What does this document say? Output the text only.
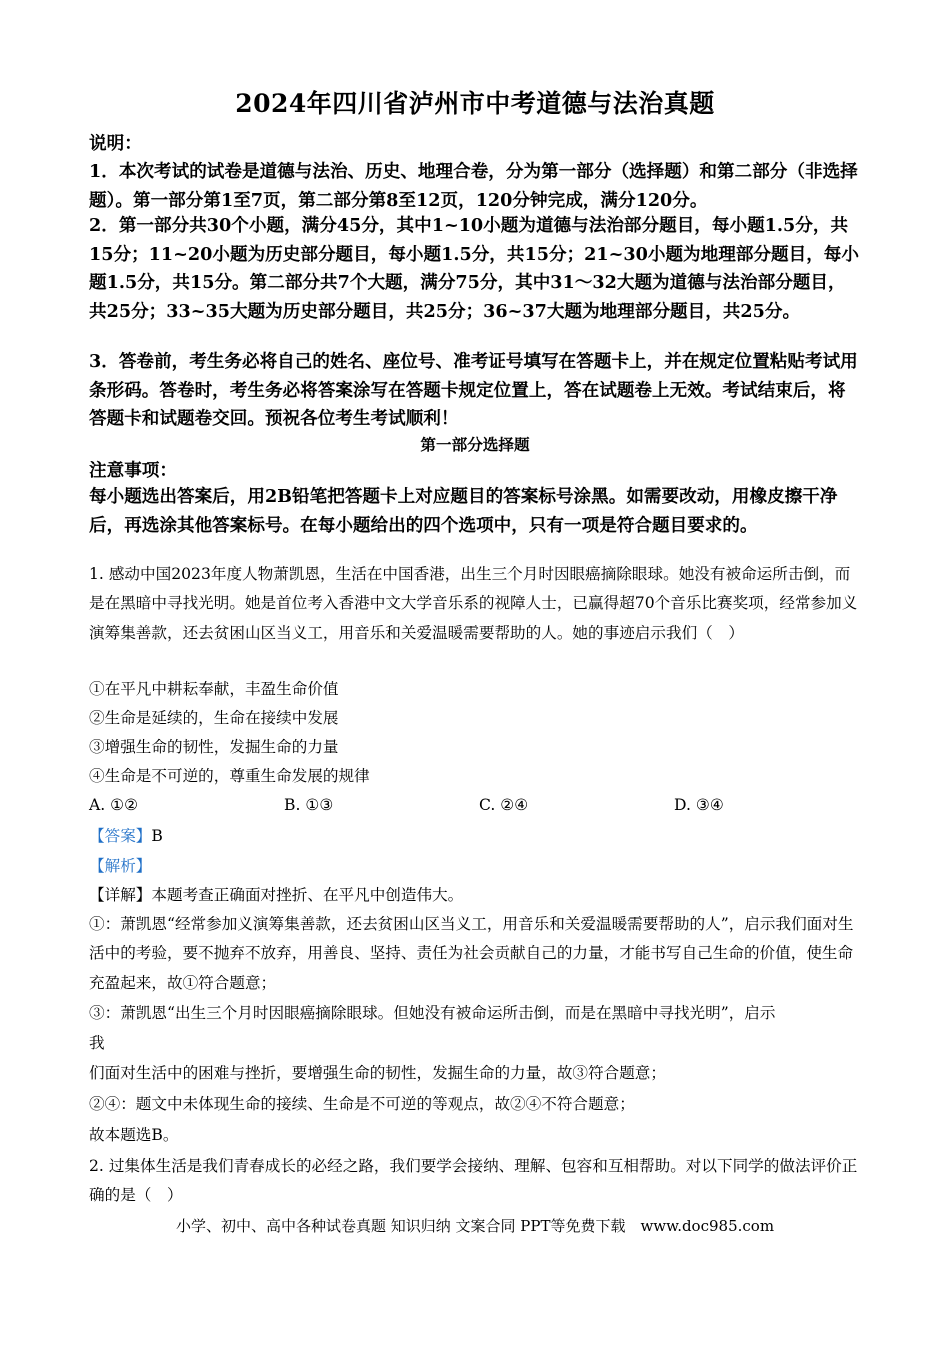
2024年四川省泸州市中考道德与法治真题
说明：
1．本次考试的试卷是道德与法治、历史、地理合卷，分为第一部分（选择题）和第二部分（非选择题）。第一部分第1至7页，第二部分第8至12页，120分钟完成，满分120分。
2．第一部分共30个小题，满分45分，其中1~10小题为道德与法治部分题目，每小题1.5分，共15分；11~20小题为历史部分题目，每小题1.5分，共15分；21~30小题为地理部分题目，每小题1.5分，共15分。第二部分共7个大题，满分75分，其中31～32大题为道德与法治部分题目，共25分；33~35大题为历史部分题目，共25分；36~37大题为地理部分题目，共25分。
3．答卷前，考生务必将自己的姓名、座位号、准考证号填写在答题卡上，并在规定位置粘贴考试用条形码。答卷时，考生务必将答案涂写在答题卡规定位置上，答在试题卷上无效。考试结束后，将答题卡和试题卷交回。预祝各位考生考试顺利！
第一部分选择题
注意事项：
每小题选出答案后，用2B铅笔把答题卡上对应题目的答案标号涂黑。如需要改动，用橡皮擦干净后，再选涂其他答案标号。在每小题给出的四个选项中，只有一项是符合题目要求的。
1. 感动中国2023年度人物萧凯恩，生活在中国香港，出生三个月时因眼癌摘除眼球。她没有被命运所击倒，而是在黑暗中寻找光明。她是首位考入香港中文大学音乐系的视障人士，已赢得超70个音乐比赛奖项，经常参加义演筹集善款，还去贫困山区当义工，用音乐和关爱温暖需要帮助的人。她的事迹启示我们（　）
①在平凡中耕耘奉献，丰盈生命价值
②生命是延续的，生命在接续中发展
③增强生命的韧性，发掘生命的力量
④生命是不可逆的，尊重生命发展的规律
A. ①②	B. ①③	C. ②④	D. ③④
【答案】B
【解析】
【详解】本题考查正确面对挫折、在平凡中创造伟大。
①：萧凯恩“经常参加义演筹集善款，还去贫困山区当义工，用音乐和关爱温暖需要帮助的人”，启示我们面对生活中的考验，要不抛弃不放弃，用善良、坚持、责任为社会贡献自己的力量，才能书写自己生命的价值，使生命充盈起来，故①符合题意；
③：萧凯恩“出生三个月时因眼癌摘除眼球。但她没有被命运所击倒，而是在黑暗中寻找光明”，启示
我
们面对生活中的困难与挫折，要增强生命的韧性，发掘生命的力量，故③符合题意；
②④：题文中未体现生命的接续、生命是不可逆的等观点，故②④不符合题意；
故本题选B。
2. 过集体生活是我们青春成长的必经之路，我们要学会接纳、理解、包容和互相帮助。对以下同学的做法评价正确的是（　）
小学、初中、高中各种试卷真题 知识归纳 文案合同 PPT等免费下载　www.doc985.com
